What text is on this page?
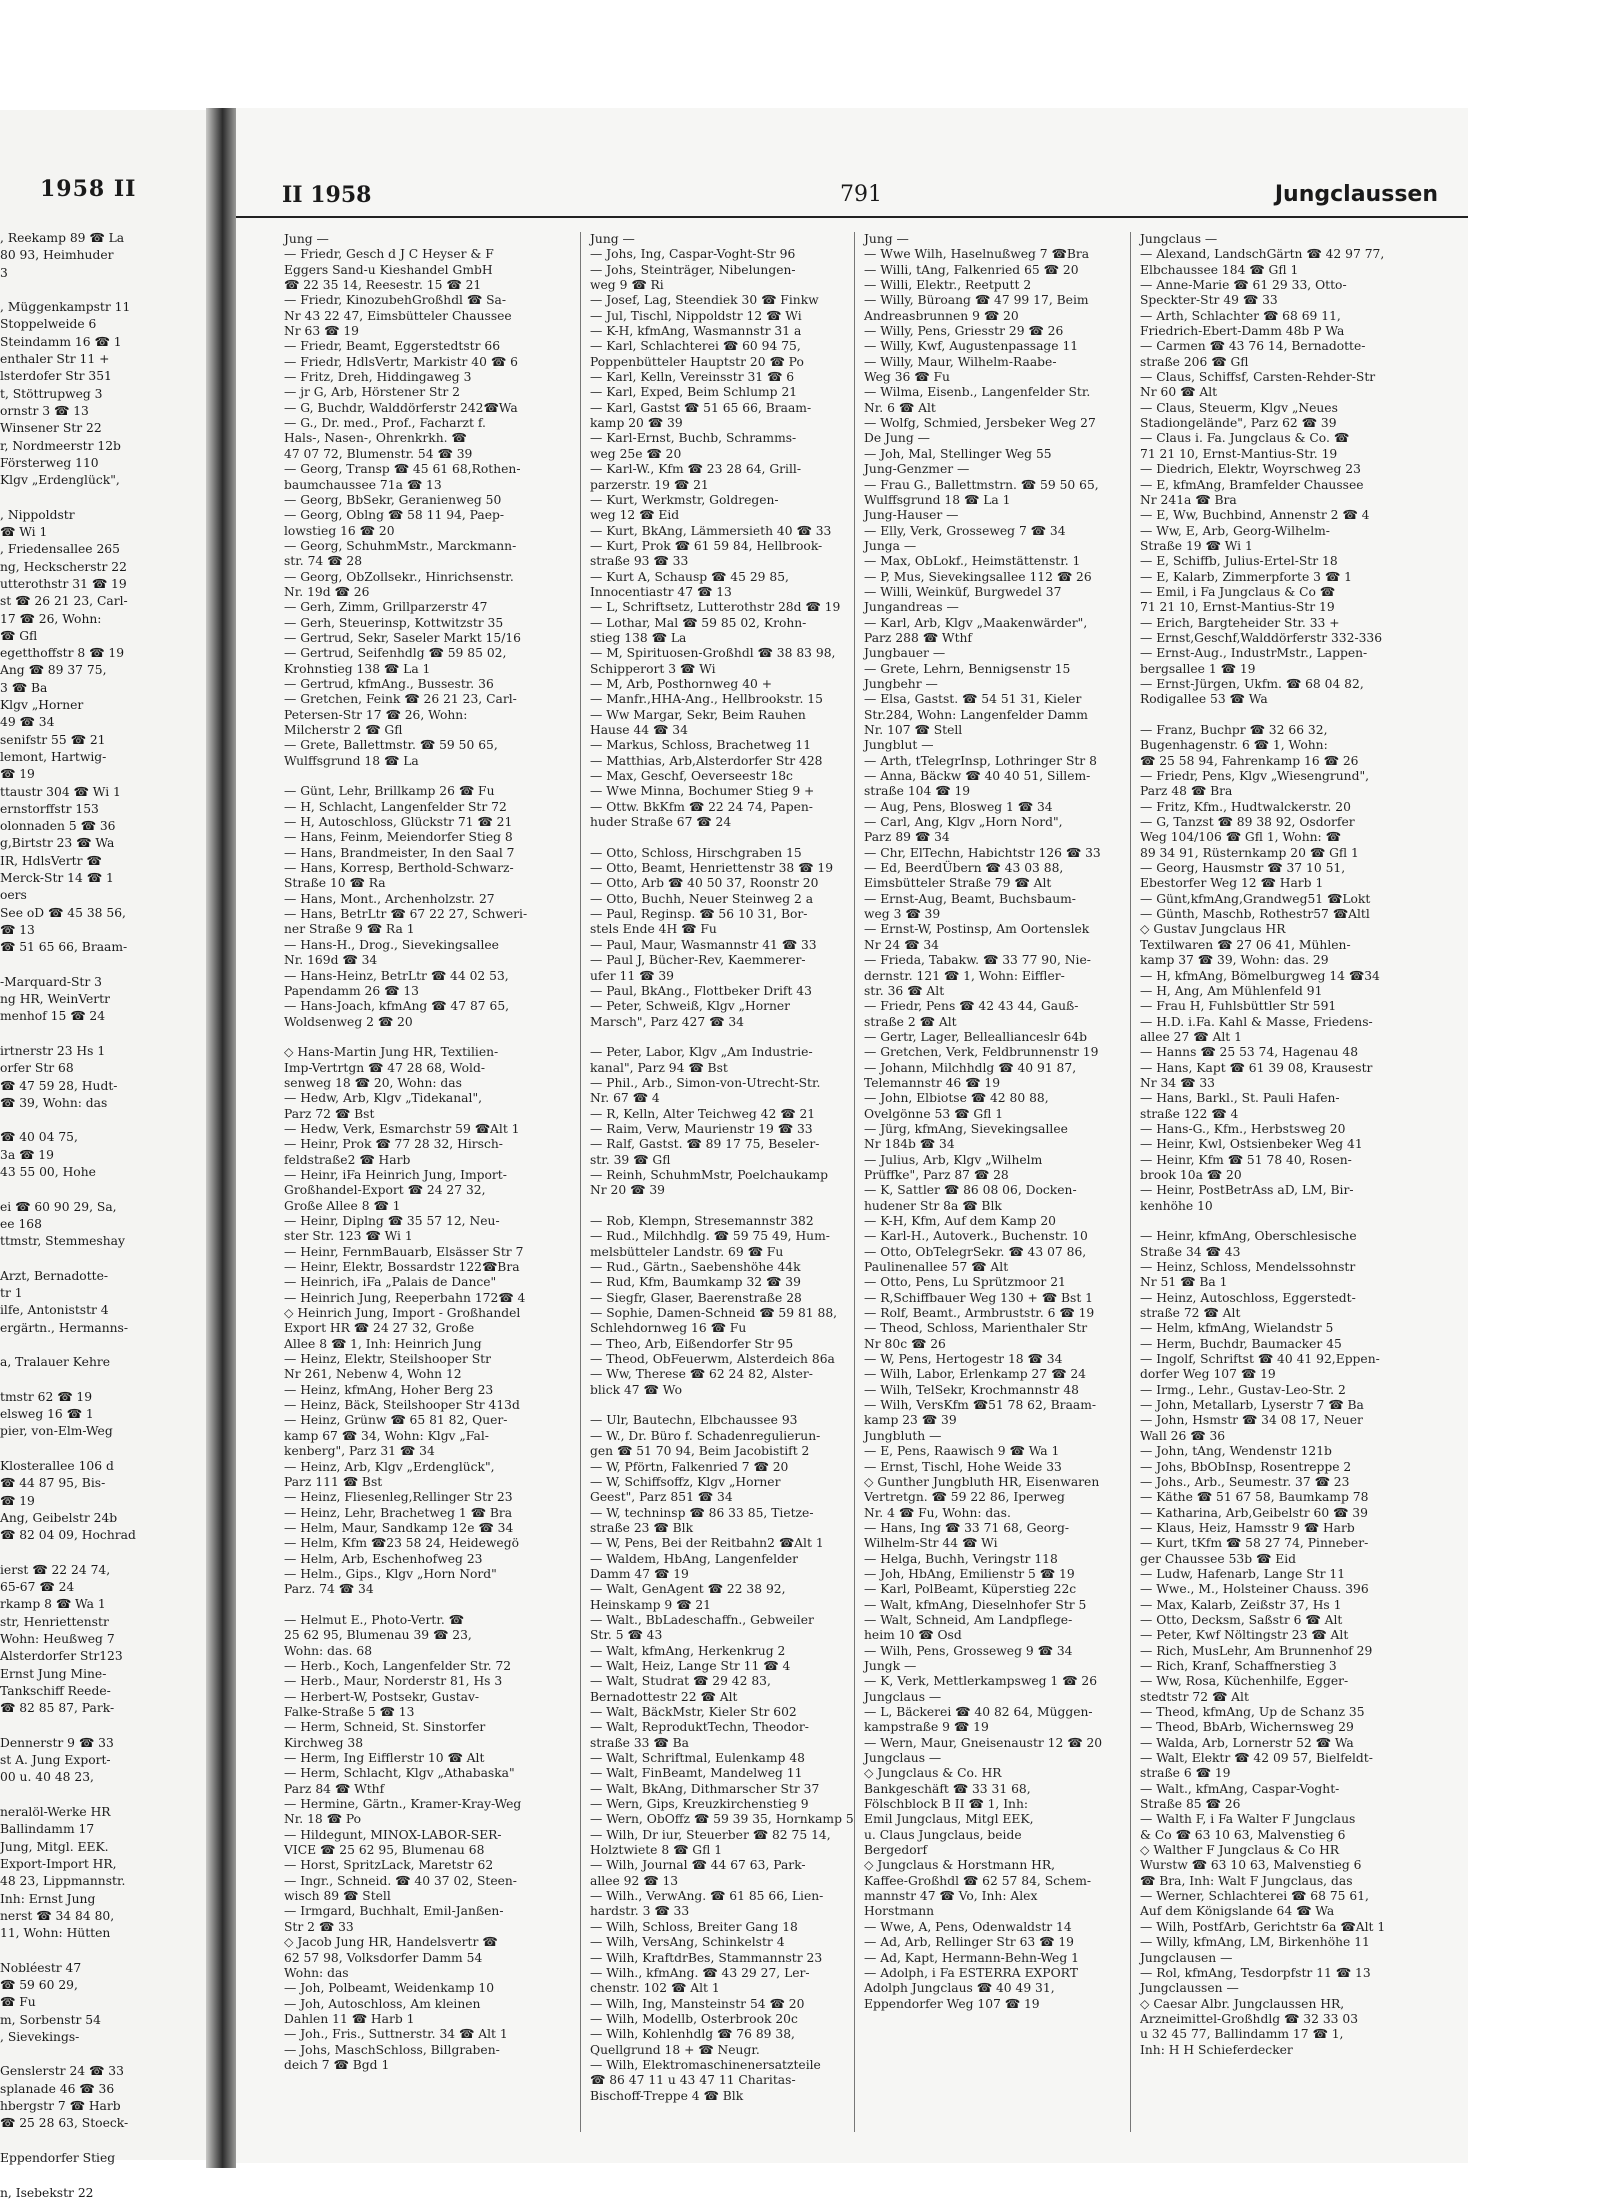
1958 II
, Reekamp 89 ☎ La
80 93, Heimhuder
3

, Müggenkampstr 11
Stoppelweide 6
Steindamm 16 ☎ 1
enthaler Str 11 +
lsterdofer Str 351
t, Stöttrupweg 3
ornstr 3 ☎ 13
Winsener Str 22
r, Nordmeerstr 12b
Försterweg 110
Klgv „Erdenglück",

, Nippoldstr
☎ Wi 1
, Friedensallee 265
ng, Heckscherstr 22
utterothstr 31 ☎ 19
st ☎ 26 21 23, Carl-
17 ☎ 26, Wohn:
☎ Gfl
egetthoffstr 8 ☎ 19
Ang ☎ 89 37 75,
3 ☎ Ba
Klgv „Horner
49 ☎ 34
senifstr 55 ☎ 21
lemont, Hartwig-
☎ 19
ttaustr 304 ☎ Wi 1
ernstorffstr 153
olonnaden 5 ☎ 36
g,Birtstr 23 ☎ Wa
IR, HdlsVertr ☎
Merck-Str 14 ☎ 1
oers
See oD ☎ 45 38 56,
☎ 13
☎ 51 65 66, Braam-

-Marquard-Str 3
ng HR, WeinVertr
menhof 15 ☎ 24

irtnerstr 23 Hs 1
orfer Str 68
☎ 47 59 28, Hudt-
☎ 39, Wohn: das

☎ 40 04 75,
3a ☎ 19
43 55 00, Hohe

ei ☎ 60 90 29, Sa,
ee 168
ttmstr, Stemmeshay

Arzt, Bernadotte-
tr 1
ilfe, Antoniststr 4
ergärtn., Hermanns-

a, Tralauer Kehre

tmstr 62 ☎ 19
elsweg 16 ☎ 1
pier, von-Elm-Weg

Klosterallee 106 d
☎ 44 87 95, Bis-
☎ 19
Ang, Geibelstr 24b
☎ 82 04 09, Hochrad

ierst ☎ 22 24 74,
65-67 ☎ 24
rkamp 8 ☎ Wa 1
str, Henriettenstr
Wohn: Heußweg 7
Alsterdorfer Str123
Ernst Jung Mine-
Tankschiff Reede-
☎ 82 85 87, Park-

Dennerstr 9 ☎ 33
st A. Jung Export-
00 u. 40 48 23,

neralöl-Werke HR
Ballindamm 17
Jung, Mitgl. EEK.
Export-Import HR,
48 23, Lippmannstr.
Inh: Ernst Jung
nerst ☎ 34 84 80,
11, Wohn: Hütten

Nobléestr 47
☎ 59 60 29,
☎ Fu
m, Sorbenstr 54
, Sievekings-

Genslerstr 24 ☎ 33
splanade 46 ☎ 36
hbergstr 7 ☎ Harb
☎ 25 28 63, Stoeck-

Eppendorfer Stieg

n, Isebekstr 22
II 1958	791	Jungclaussen
Jung —
— Friedr, Gesch d J C Heyser & F
Eggers Sand-u Kieshandel GmbH
☎ 22 35 14, Reesestr. 15 ☎ 21
— Friedr, KinozubehGroßhdl ☎ Sa-
Nr 43 22 47, Eimsbütteler Chaussee
Nr 63 ☎ 19
— Friedr, Beamt, Eggerstedtstr 66
— Friedr, HdlsVertr, Markistr 40 ☎ 6
— Fritz, Dreh, Hiddingaweg 3
— jr G, Arb, Hörstener Str 2
— G, Buchdr, Walddörferstr 242☎Wa
— G., Dr. med., Prof., Facharzt f.
Hals-, Nasen-, Ohrenkrkh. ☎
47 07 72, Blumenstr. 54 ☎ 39
— Georg, Transp ☎ 45 61 68,Rothen-
baumchaussee 71a ☎ 13
— Georg, BbSekr, Geranienweg 50
— Georg, Oblng ☎ 58 11 94, Paep-
lowstieg 16 ☎ 20
— Georg, SchuhmMstr., Marckmann-
str. 74 ☎ 28
— Georg, ObZollsekr., Hinrichsenstr.
Nr. 19d ☎ 26
— Gerh, Zimm, Grillparzerstr 47
— Gerh, Steuerinsp, Kottwitzstr 35
— Gertrud, Sekr, Saseler Markt 15/16
— Gertrud, Seifenhdlg ☎ 59 85 02,
Krohnstieg 138 ☎ La 1
— Gertrud, kfmAng., Bussestr. 36
— Gretchen, Feink ☎ 26 21 23, Carl-
Petersen-Str 17 ☎ 26, Wohn:
Milcherstr 2 ☎ Gfl
— Grete, Ballettmstr. ☎ 59 50 65,
Wulffsgrund 18 ☎ La

— Günt, Lehr, Brillkamp 26 ☎ Fu
— H, Schlacht, Langenfelder Str 72
— H, Autoschloss, Glückstr 71 ☎ 21
— Hans, Feinm, Meiendorfer Stieg 8
— Hans, Brandmeister, In den Saal 7
— Hans, Korresp, Berthold-Schwarz-
Straße 10 ☎ Ra
— Hans, Mont., Archenholzstr. 27
— Hans, BetrLtr ☎ 67 22 27, Schweri-
ner Straße 9 ☎ Ra 1
— Hans-H., Drog., Sievekingsallee
Nr. 169d ☎ 34
— Hans-Heinz, BetrLtr ☎ 44 02 53,
Papendamm 26 ☎ 13
— Hans-Joach, kfmAng ☎ 47 87 65,
Woldsenweg 2 ☎ 20

◇ Hans-Martin Jung HR, Textilien-
Imp-Vertrtgn ☎ 47 28 68, Wold-
senweg 18 ☎ 20, Wohn: das
— Hedw, Arb, Klgv „Tidekanal",
Parz 72 ☎ Bst
— Hedw, Verk, Esmarchstr 59 ☎Alt 1
— Heinr, Prok ☎ 77 28 32, Hirsch-
feldstraße2 ☎ Harb
— Heinr, iFa Heinrich Jung, Import-
Großhandel-Export ☎ 24 27 32,
Große Allee 8 ☎ 1
— Heinr, Diplng ☎ 35 57 12, Neu-
ster Str. 123 ☎ Wi 1
— Heinr, FernmBauarb, Elsässer Str 7
— Heinr, Elektr, Bossardstr 122☎Bra
— Heinrich, iFa „Palais de Dance"
— Heinrich Jung, Reeperbahn 172☎ 4
◇ Heinrich Jung, Import - Großhandel
Export HR ☎ 24 27 32, Große
Allee 8 ☎ 1, Inh: Heinrich Jung
— Heinz, Elektr, Steilshooper Str
Nr 261, Nebenw 4, Wohn 12
— Heinz, kfmAng, Hoher Berg 23
— Heinz, Bäck, Steilshooper Str 413d
— Heinz, Grünw ☎ 65 81 82, Quer-
kamp 67 ☎ 34, Wohn: Klgv „Fal-
kenberg", Parz 31 ☎ 34
— Heinz, Arb, Klgv „Erdenglück",
Parz 111 ☎ Bst
— Heinz, Fliesenleg,Rellinger Str 23
— Heinz, Lehr, Brachetweg 1 ☎ Bra
— Helm, Maur, Sandkamp 12e ☎ 34
— Helm, Kfm ☎23 58 24, Heidewegö
— Helm, Arb, Eschenhofweg 23
— Helm., Gips., Klgv „Horn Nord"
Parz. 74 ☎ 34

— Helmut E., Photo-Vertr. ☎
25 62 95, Blumenau 39 ☎ 23,
Wohn: das. 68
— Herb., Koch, Langenfelder Str. 72
— Herb., Maur, Norderstr 81, Hs 3
— Herbert-W, Postsekr, Gustav-
Falke-Straße 5 ☎ 13
— Herm, Schneid, St. Sinstorfer
Kirchweg 38
— Herm, Ing Eifflerstr 10 ☎ Alt
— Herm, Schlacht, Klgv „Athabaska"
Parz 84 ☎ Wthf
— Hermine, Gärtn., Kramer-Kray-Weg
Nr. 18 ☎ Po
— Hildegunt, MINOX-LABOR-SER-
VICE ☎ 25 62 95, Blumenau 68
— Horst, SpritzLack, Maretstr 62
— Ingr., Schneid. ☎ 40 37 02, Steen-
wisch 89 ☎ Stell
— Irmgard, Buchhalt, Emil-Janßen-
Str 2 ☎ 33
◇ Jacob Jung HR, Handelsvertr ☎
62 57 98, Volksdorfer Damm 54
Wohn: das
— Joh, Polbeamt, Weidenkamp 10
— Joh, Autoschloss, Am kleinen
Dahlen 11 ☎ Harb 1
— Joh., Fris., Suttnerstr. 34 ☎ Alt 1
— Johs, MaschSchloss, Billgraben-
deich 7 ☎ Bgd 1
Jung —
— Johs, Ing, Caspar-Voght-Str 96
— Johs, Steinträger, Nibelungen-
weg 9 ☎ Ri
— Josef, Lag, Steendiek 30 ☎ Finkw
— Jul, Tischl, Nippoldstr 12 ☎ Wi
— K-H, kfmAng, Wasmannstr 31 a
— Karl, Schlachterei ☎ 60 94 75,
Poppenbütteler Hauptstr 20 ☎ Po
— Karl, Kelln, Vereinsstr 31 ☎ 6
— Karl, Exped, Beim Schlump 21
— Karl, Gastst ☎ 51 65 66, Braam-
kamp 20 ☎ 39
— Karl-Ernst, Buchb, Schramms-
weg 25e ☎ 20
— Karl-W., Kfm ☎ 23 28 64, Grill-
parzerstr. 19 ☎ 21
— Kurt, Werkmstr, Goldregen-
weg 12 ☎ Eid
— Kurt, BkAng, Lämmersieth 40 ☎ 33
— Kurt, Prok ☎ 61 59 84, Hellbrook-
straße 93 ☎ 33
— Kurt A, Schausp ☎ 45 29 85,
Innocentiastr 47 ☎ 13
— L, Schriftsetz, Lutterothstr 28d ☎ 19
— Lothar, Mal ☎ 59 85 02, Krohn-
stieg 138 ☎ La
— M, Spirituosen-Großhdl ☎ 38 83 98,
Schipperort 3 ☎ Wi
— M, Arb, Posthornweg 40 +
— Manfr.,HHA-Ang., Hellbrookstr. 15
— Ww Margar, Sekr, Beim Rauhen
Hause 44 ☎ 34
— Markus, Schloss, Brachetweg 11
— Matthias, Arb,Alsterdorfer Str 428
— Max, Geschf, Oeverseestr 18c
— Wwe Minna, Bochumer Stieg 9 +
— Ottw. BkKfm ☎ 22 24 74, Papen-
huder Straße 67 ☎ 24

— Otto, Schloss, Hirschgraben 15
— Otto, Beamt, Henriettenstr 38 ☎ 19
— Otto, Arb ☎ 40 50 37, Roonstr 20
— Otto, Buchh, Neuer Steinweg 2 a
— Paul, Reginsp. ☎ 56 10 31, Bor-
stels Ende 4H ☎ Fu
— Paul, Maur, Wasmannstr 41 ☎ 33
— Paul J, Bücher-Rev, Kaemmerer-
ufer 11 ☎ 39
— Paul, BkAng., Flottbeker Drift 43
— Peter, Schweiß, Klgv „Horner
Marsch", Parz 427 ☎ 34

— Peter, Labor, Klgv „Am Industrie-
kanal", Parz 94 ☎ Bst
— Phil., Arb., Simon-von-Utrecht-Str.
Nr. 67 ☎ 4
— R, Kelln, Alter Teichweg 42 ☎ 21
— Raim, Verw, Maurienstr 19 ☎ 33
— Ralf, Gastst. ☎ 89 17 75, Beseler-
str. 39 ☎ Gfl
— Reinh, SchuhmMstr, Poelchaukamp
Nr 20 ☎ 39

— Rob, Klempn, Stresemannstr 382
— Rud., Milchhdlg. ☎ 59 75 49, Hum-
melsbütteler Landstr. 69 ☎ Fu
— Rud., Gärtn., Saebenshöhe 44k
— Rud, Kfm, Baumkamp 32 ☎ 39
— Siegfr, Glaser, Baerenstraße 28
— Sophie, Damen-Schneid ☎ 59 81 88,
Schlehdornweg 16 ☎ Fu
— Theo, Arb, Eißendorfer Str 95
— Theod, ObFeuerwm, Alsterdeich 86a
— Ww, Therese ☎ 62 24 82, Alster-
blick 47 ☎ Wo

— Ulr, Bautechn, Elbchaussee 93
— W., Dr. Büro f. Schadenregulierun-
gen ☎ 51 70 94, Beim Jacobistift 2
— W, Pförtn, Falkenried 7 ☎ 20
— W, Schiffsoffz, Klgv „Horner
Geest", Parz 851 ☎ 34
— W, techninsp ☎ 86 33 85, Tietze-
straße 23 ☎ Blk
— W, Pens, Bei der Reitbahn2 ☎Alt 1
— Waldem, HbAng, Langenfelder
Damm 47 ☎ 19
— Walt, GenAgent ☎ 22 38 92,
Heinskamp 9 ☎ 21
— Walt., BbLadeschaffn., Gebweiler
Str. 5 ☎ 43
— Walt, kfmAng, Herkenkrug 2
— Walt, Heiz, Lange Str 11 ☎ 4
— Walt, Studrat ☎ 29 42 83,
Bernadottestr 22 ☎ Alt
— Walt, BäckMstr, Kieler Str 602
— Walt, ReproduktTechn, Theodor-
straße 33 ☎ Ba
— Walt, Schriftmal, Eulenkamp 48
— Walt, FinBeamt, Mandelweg 11
— Walt, BkAng, Dithmarscher Str 37
— Wern, Gips, Kreuzkirchenstieg 9
— Wern, ObOffz ☎ 59 39 35, Hornkamp 5
— Wilh, Dr iur, Steuerber ☎ 82 75 14,
Holztwiete 8 ☎ Gfl 1
— Wilh, Journal ☎ 44 67 63, Park-
allee 92 ☎ 13
— Wilh., VerwAng. ☎ 61 85 66, Lien-
hardstr. 3 ☎ 33
— Wilh, Schloss, Breiter Gang 18
— Wilh, VersAng, Schinkelstr 4
— Wilh, KraftdrBes, Stammannstr 23
— Wilh., kfmAng. ☎ 43 29 27, Ler-
chenstr. 102 ☎ Alt 1
— Wilh, Ing, Mansteinstr 54 ☎ 20
— Wilh, Modellb, Osterbrook 20c
— Wilh, Kohlenhdlg ☎ 76 89 38,
Quellgrund 18 + ☎ Neugr.
— Wilh, Elektromaschinenersatzteile
☎ 86 47 11 u 43 47 11 Charitas-
Bischoff-Treppe 4 ☎ Blk
Jung —
— Wwe Wilh, Haselnußweg 7 ☎Bra
— Willi, tAng, Falkenried 65 ☎ 20
— Willi, Elektr., Reetputt 2
— Willy, Büroang ☎ 47 99 17, Beim
Andreasbrunnen 9 ☎ 20
— Willy, Pens, Griesstr 29 ☎ 26
— Willy, Kwf, Augustenpassage 11
— Willy, Maur, Wilhelm-Raabe-
Weg 36 ☎ Fu
— Wilma, Eisenb., Langenfelder Str.
Nr. 6 ☎ Alt
— Wolfg, Schmied, Jersbeker Weg 27
De Jung —
— Joh, Mal, Stellinger Weg 55
Jung-Genzmer —
— Frau G., Ballettmstrn. ☎ 59 50 65,
Wulffsgrund 18 ☎ La 1
Jung-Hauser —
— Elly, Verk, Grosseweg 7 ☎ 34
Junga —
— Max, ObLokf., Heimstättenstr. 1
— P, Mus, Sievekingsallee 112 ☎ 26
— Willi, Weinküf, Burgwedel 37
Jungandreas —
— Karl, Arb, Klgv „Maakenwärder",
Parz 288 ☎ Wthf
Jungbauer —
— Grete, Lehrn, Bennigsenstr 15
Jungbehr —
— Elsa, Gastst. ☎ 54 51 31, Kieler
Str.284, Wohn: Langenfelder Damm
Nr. 107 ☎ Stell
Jungblut —
— Arth, tTelegrInsp, Lothringer Str 8
— Anna, Bäckw ☎ 40 40 51, Sillem-
straße 104 ☎ 19
— Aug, Pens, Blosweg 1 ☎ 34
— Carl, Ang, Klgv „Horn Nord",
Parz 89 ☎ 34
— Chr, ElTechn, Habichtstr 126 ☎ 33
— Ed, BeerdÜbern ☎ 43 03 88,
Eimsbütteler Straße 79 ☎ Alt
— Ernst-Aug, Beamt, Buchsbaum-
weg 3 ☎ 39
— Ernst-W, Postinsp, Am Oortenslek
Nr 24 ☎ 34
— Frieda, Tabakw. ☎ 33 77 90, Nie-
dernstr. 121 ☎ 1, Wohn: Eiffler-
str. 36 ☎ Alt
— Friedr, Pens ☎ 42 43 44, Gauß-
straße 2 ☎ Alt
— Gertr, Lager, Belleallianceslr 64b
— Gretchen, Verk, Feldbrunnenstr 19
— Johann, Milchhdlg ☎ 40 91 87,
Telemannstr 46 ☎ 19
— John, Elbiotse ☎ 42 80 88,
Ovelgönne 53 ☎ Gfl 1
— Jürg, kfmAng, Sievekingsallee
Nr 184b ☎ 34
— Julius, Arb, Klgv „Wilhelm
Prüffke", Parz 87 ☎ 28
— K, Sattler ☎ 86 08 06, Docken-
hudener Str 8a ☎ Blk
— K-H, Kfm, Auf dem Kamp 20
— Karl-H., Autoverk., Buchenstr. 10
— Otto, ObTelegrSekr. ☎ 43 07 86,
Paulinenallee 57 ☎ Alt
— Otto, Pens, Lu Sprützmoor 21
— R,Schiffbauer Weg 130 + ☎ Bst 1
— Rolf, Beamt., Armbruststr. 6 ☎ 19
— Theod, Schloss, Marienthaler Str
Nr 80c ☎ 26
— W, Pens, Hertogestr 18 ☎ 34
— Wilh, Labor, Erlenkamp 27 ☎ 24
— Wilh, TelSekr, Krochmannstr 48
— Wilh, VersKfm ☎51 78 62, Braam-
kamp 23 ☎ 39
Jungbluth —
— E, Pens, Raawisch 9 ☎ Wa 1
— Ernst, Tischl, Hohe Weide 33
◇ Gunther Jungbluth HR, Eisenwaren
Vertretgn. ☎ 59 22 86, Iperweg
Nr. 4 ☎ Fu, Wohn: das.
— Hans, Ing ☎ 33 71 68, Georg-
Wilhelm-Str 44 ☎ Wi
— Helga, Buchh, Veringstr 118
— Joh, HbAng, Emilienstr 5 ☎ 19
— Karl, PolBeamt, Küperstieg 22c
— Walt, kfmAng, Dieselnhofer Str 5
— Walt, Schneid, Am Landpflege-
heim 10 ☎ Osd
— Wilh, Pens, Grosseweg 9 ☎ 34
Jungk —
— K, Verk, Mettlerkampsweg 1 ☎ 26
Jungclaus —
— L, Bäckerei ☎ 40 82 64, Müggen-
kampstraße 9 ☎ 19
— Wern, Maur, Gneisenaustr 12 ☎ 20
Jungclaus —
◇ Jungclaus & Co. HR
Bankgeschäft ☎ 33 31 68,
Fölschblock B II ☎ 1, Inh:
Emil Jungclaus, Mitgl EEK,
u. Claus Jungclaus, beide
Bergedorf
◇ Jungclaus & Horstmann HR,
Kaffee-Großhdl ☎ 62 57 84, Schem-
mannstr 47 ☎ Vo, Inh: Alex
Horstmann
— Wwe, A, Pens, Odenwaldstr 14
— Ad, Arb, Rellinger Str 63 ☎ 19
— Ad, Kapt, Hermann-Behn-Weg 1
— Adolph, i Fa ESTERRA EXPORT
Adolph Jungclaus ☎ 40 49 31,
Eppendorfer Weg 107 ☎ 19
Jungclaus —
— Alexand, LandschGärtn ☎ 42 97 77,
Elbchaussee 184 ☎ Gfl 1
— Anne-Marie ☎ 61 29 33, Otto-
Speckter-Str 49 ☎ 33
— Arth, Schlachter ☎ 68 69 11,
Friedrich-Ebert-Damm 48b P Wa
— Carmen ☎ 43 76 14, Bernadotte-
straße 206 ☎ Gfl
— Claus, Schiffsf, Carsten-Rehder-Str
Nr 60 ☎ Alt
— Claus, Steuerm, Klgv „Neues
Stadiongelände", Parz 62 ☎ 39
— Claus i. Fa. Jungclaus & Co. ☎
71 21 10, Ernst-Mantius-Str. 19
— Diedrich, Elektr, Woyrschweg 23
— E, kfmAng, Bramfelder Chaussee
Nr 241a ☎ Bra
— E, Ww, Buchbind, Annenstr 2 ☎ 4
— Ww, E, Arb, Georg-Wilhelm-
Straße 19 ☎ Wi 1
— E, Schiffb, Julius-Ertel-Str 18
— E, Kalarb, Zimmerpforte 3 ☎ 1
— Emil, i Fa Jungclaus & Co ☎
71 21 10, Ernst-Mantius-Str 19
— Erich, Bargteheider Str. 33 +
— Ernst,Geschf,Walddörferstr 332-336
— Ernst-Aug., IndustrMstr., Lappen-
bergsallee 1 ☎ 19
— Ernst-Jürgen, Ukfm. ☎ 68 04 82,
Rodigallee 53 ☎ Wa

— Franz, Buchpr ☎ 32 66 32,
Bugenhagenstr. 6 ☎ 1, Wohn:
☎ 25 58 94, Fahrenkamp 16 ☎ 26
— Friedr, Pens, Klgv „Wiesengrund",
Parz 48 ☎ Bra
— Fritz, Kfm., Hudtwalckerstr. 20
— G, Tanzst ☎ 89 38 92, Osdorfer
Weg 104/106 ☎ Gfl 1, Wohn: ☎
89 34 91, Rüsternkamp 20 ☎ Gfl 1
— Georg, Hausmstr ☎ 37 10 51,
Ebestorfer Weg 12 ☎ Harb 1
— Günt,kfmAng,Grandweg51 ☎Lokt
— Günth, Maschb, Rothestr57 ☎Altl
◇ Gustav Jungclaus HR
Textilwaren ☎ 27 06 41, Mühlen-
kamp 37 ☎ 39, Wohn: das. 29
— H, kfmAng, Bömelburgweg 14 ☎34
— H, Ang, Am Mühlenfeld 91
— Frau H, Fuhlsbüttler Str 591
— H.D. i.Fa. Kahl & Masse, Friedens-
allee 27 ☎ Alt 1
— Hanns ☎ 25 53 74, Hagenau 48
— Hans, Kapt ☎ 61 39 08, Krausestr
Nr 34 ☎ 33
— Hans, Barkl., St. Pauli Hafen-
straße 122 ☎ 4
— Hans-G., Kfm., Herbstsweg 20
— Heinr, Kwl, Ostsienbeker Weg 41
— Heinr, Kfm ☎ 51 78 40, Rosen-
brook 10a ☎ 20
— Heinr, PostBetrAss aD, LM, Bir-
kenhöhe 10

— Heinr, kfmAng, Oberschlesische
Straße 34 ☎ 43
— Heinz, Schloss, Mendelssohnstr
Nr 51 ☎ Ba 1
— Heinz, Autoschloss, Eggerstedt-
straße 72 ☎ Alt
— Helm, kfmAng, Wielandstr 5
— Herm, Buchdr, Baumacker 45
— Ingolf, Schriftst ☎ 40 41 92,Eppen-
dorfer Weg 107 ☎ 19
— Irmg., Lehr., Gustav-Leo-Str. 2
— John, Metallarb, Lyserstr 7 ☎ Ba
— John, Hsmstr ☎ 34 08 17, Neuer
Wall 26 ☎ 36
— John, tAng, Wendenstr 121b
— Johs, BbObInsp, Rosentreppe 2
— Johs., Arb., Seumestr. 37 ☎ 23
— Käthe ☎ 51 67 58, Baumkamp 78
— Katharina, Arb,Geibelstr 60 ☎ 39
— Klaus, Heiz, Hamsstr 9 ☎ Harb
— Kurt, tKfm ☎ 58 27 74, Pinneber-
ger Chaussee 53b ☎ Eid
— Ludw, Hafenarb, Lange Str 11
— Wwe., M., Holsteiner Chauss. 396
— Max, Kalarb, Zeißstr 37, Hs 1
— Otto, Decksm, Saßstr 6 ☎ Alt
— Peter, Kwf Nöltingstr 23 ☎ Alt
— Rich, MusLehr, Am Brunnenhof 29
— Rich, Kranf, Schaffnerstieg 3
— Ww, Rosa, Küchenhilfe, Egger-
stedtstr 72 ☎ Alt
— Theod, kfmAng, Up de Schanz 35
— Theod, BbArb, Wichernsweg 29
— Walda, Arb, Lornerstr 52 ☎ Wa
— Walt, Elektr ☎ 42 09 57, Bielfeldt-
straße 6 ☎ 19
— Walt., kfmAng, Caspar-Voght-
Straße 85 ☎ 26
— Walth F, i Fa Walter F Jungclaus
& Co ☎ 63 10 63, Malvenstieg 6
◇ Walther F Jungclaus & Co HR
Wurstw ☎ 63 10 63, Malvenstieg 6
☎ Bra, Inh: Walt F Jungclaus, das
— Werner, Schlachterei ☎ 68 75 61,
Auf dem Königslande 64 ☎ Wa
— Wilh, PostfArb, Gerichtstr 6a ☎Alt 1
— Willy, kfmAng, LM, Birkenhöhe 11
Jungclausen —
— Rol, kfmAng, Tesdorpfstr 11 ☎ 13
Jungclaussen —
◇ Caesar Albr. Jungclaussen HR,
Arzneimittel-Großhdlg ☎ 32 33 03
u 32 45 77, Ballindamm 17 ☎ 1,
Inh: H H Schieferdecker
